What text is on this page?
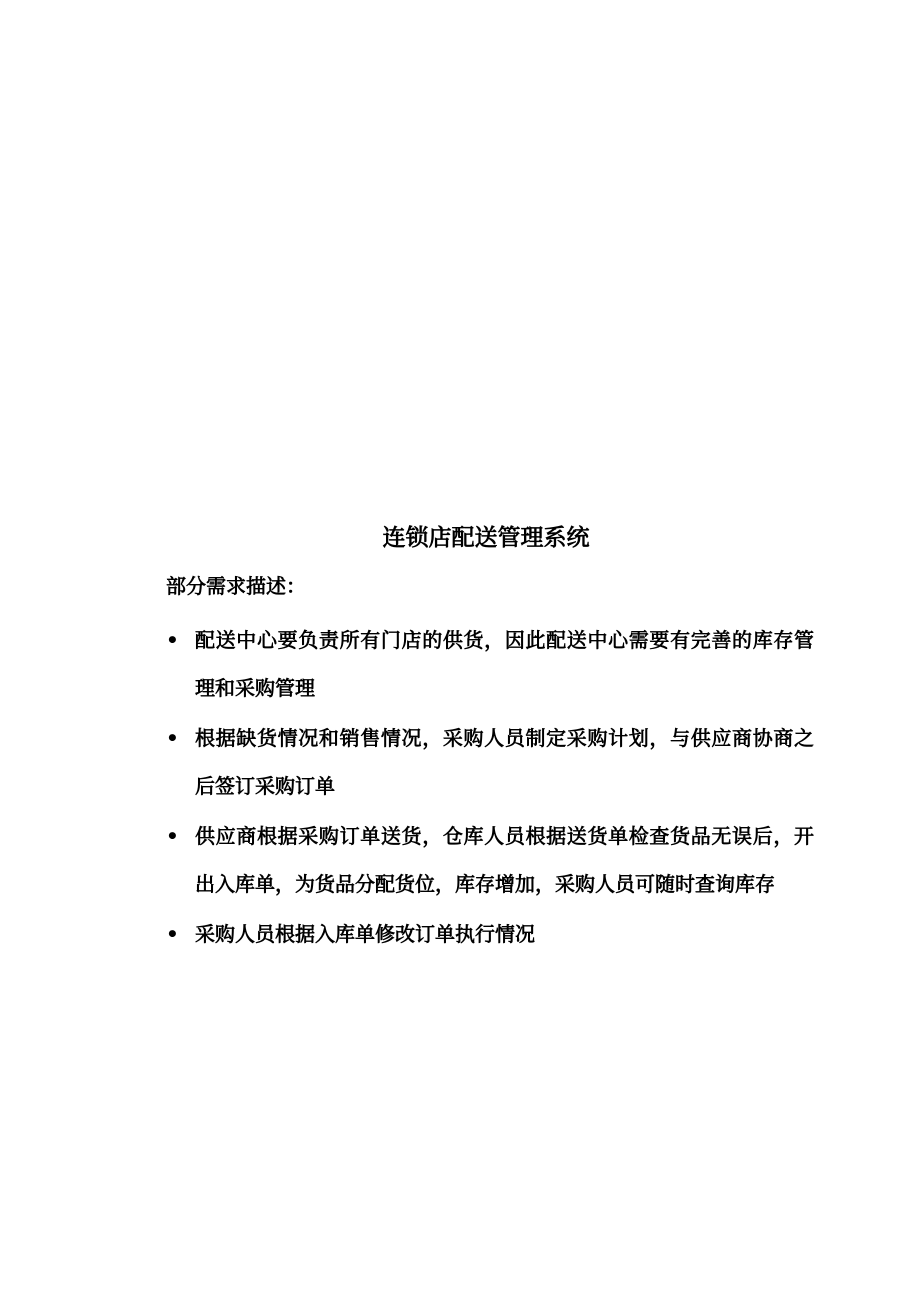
连锁店配送管理系统
部分需求描述：
• 配送中心要负责所有门店的供货，因此配送中心需要有完善的库存管理和采购管理
• 根据缺货情况和销售情况，采购人员制定采购计划，与供应商协商之后签订采购订单
• 供应商根据采购订单送货，仓库人员根据送货单检查货品无误后，开出入库单，为货品分配货位，库存增加，采购人员可随时查询库存
• 采购人员根据入库单修改订单执行情况
